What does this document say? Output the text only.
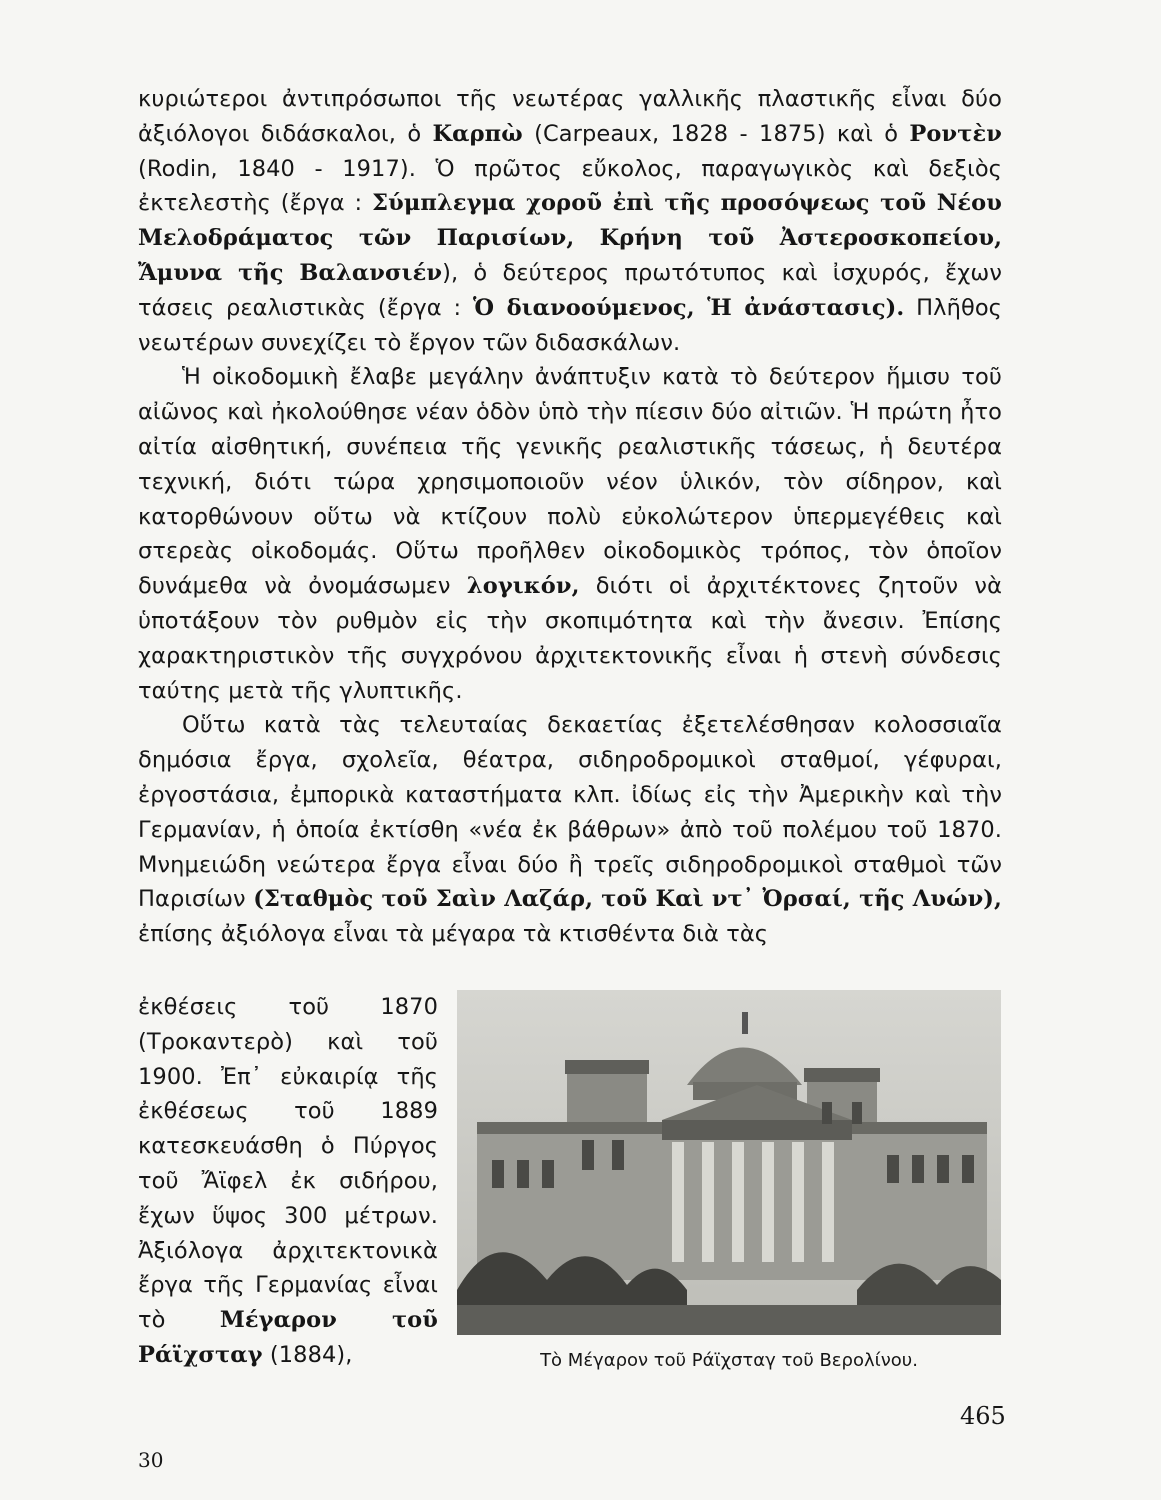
κυριώτεροι ἀντιπρόσωποι τῆς νεωτέρας γαλλικῆς πλαστικῆς εἶναι δύο ἀξιόλογοι διδάσκαλοι, ὁ Καρπὼ (Carpeaux, 1828 - 1875) καὶ ὁ Ροντὲν (Rodin, 1840 - 1917). Ὁ πρῶτος εὔκολος, παραγωγικὸς καὶ δεξιὸς ἐκτελεστὴς (ἔργα : Σύμπλεγμα χοροῦ ἐπὶ τῆς προσόψεως τοῦ Νέου Μελοδράματος τῶν Παρισίων, Κρήνη τοῦ Ἀστεροσκοπείου, Ἄμυνα τῆς Βαλανσιέν), ὁ δεύτερος πρωτότυπος καὶ ἰσχυρός, ἔχων τάσεις ρεαλιστικὰς (ἔργα : Ὁ διανοούμενος, Ἡ ἀνάστασις). Πλῆθος νεωτέρων συνεχίζει τὸ ἔργον τῶν διδασκάλων.

Ἡ οἰκοδομικὴ ἔλαβε μεγάλην ἀνάπτυξιν κατὰ τὸ δεύτερον ἥμισυ τοῦ αἰῶνος καὶ ἠκολούθησε νέαν ὁδὸν ὑπὸ τὴν πίεσιν δύο αἰτιῶν. Ἡ πρώτη ἦτο αἰτία αἰσθητική, συνέπεια τῆς γενικῆς ρεαλιστικῆς τάσεως, ἡ δευτέρα τεχνική, διότι τώρα χρησιμοποιοῦν νέον ὑλικόν, τὸν σίδηρον, καὶ κατορθώνουν οὕτω νὰ κτίζουν πολὺ εὐκολώτερον ὑπερμεγέθεις καὶ στερεὰς οἰκοδομάς. Οὕτω προῆλθεν οἰκοδομικὸς τρόπος, τὸν ὁποῖον δυνάμεθα νὰ ὀνομάσωμεν λογικόν, διότι οἱ ἀρχιτέκτονες ζητοῦν νὰ ὑποτάξουν τὸν ρυθμὸν εἰς τὴν σκοπιμότητα καὶ τὴν ἄνεσιν. Ἐπίσης χαρακτηριστικὸν τῆς συγχρόνου ἀρχιτεκτονικῆς εἶναι ἡ στενὴ σύνδεσις ταύτης μετὰ τῆς γλυπτικῆς.

Οὕτω κατὰ τὰς τελευταίας δεκαετίας ἐξετελέσθησαν κολοσσιαῖα δημόσια ἔργα, σχολεῖα, θέατρα, σιδηροδρομικοὶ σταθμοί, γέφυραι, ἐργοστάσια, ἐμπορικὰ καταστήματα κλπ. ἰδίως εἰς τὴν Ἀμερικὴν καὶ τὴν Γερμανίαν, ἡ ὁποία ἐκτίσθη «νέα ἐκ βάθρων» ἀπὸ τοῦ πολέμου τοῦ 1870. Μνημειώδη νεώτερα ἔργα εἶναι δύο ἢ τρεῖς σιδηροδρομικοὶ σταθμοὶ τῶν Παρισίων (Σταθμὸς τοῦ Σαὶν Λαζάρ, τοῦ Καὶ ντ᾽ Ὀρσαί, τῆς Λυών), ἐπίσης ἀξιόλογα εἶναι τὰ μέγαρα τὰ κτισθέντα διὰ τὰς

ἐκθέσεις τοῦ 1870 (Τροκαντερὸ) καὶ τοῦ 1900. Ἐπ᾽ εὐκαιρίᾳ τῆς ἐκθέσεως τοῦ 1889 κατεσκευάσθη ὁ Πύργος τοῦ Ἄϊφελ ἐκ σιδήρου, ἔχων ὕψος 300 μέτρων. Ἀξιόλογα ἀρχιτεκτονικὰ ἔργα τῆς Γερμανίας εἶναι τὸ Μέγαρον τοῦ Ράϊχσταγ (1884),	Τὸ Μέγαρον τοῦ Ράϊχσταγ τοῦ Βερολίνου.
465
30
